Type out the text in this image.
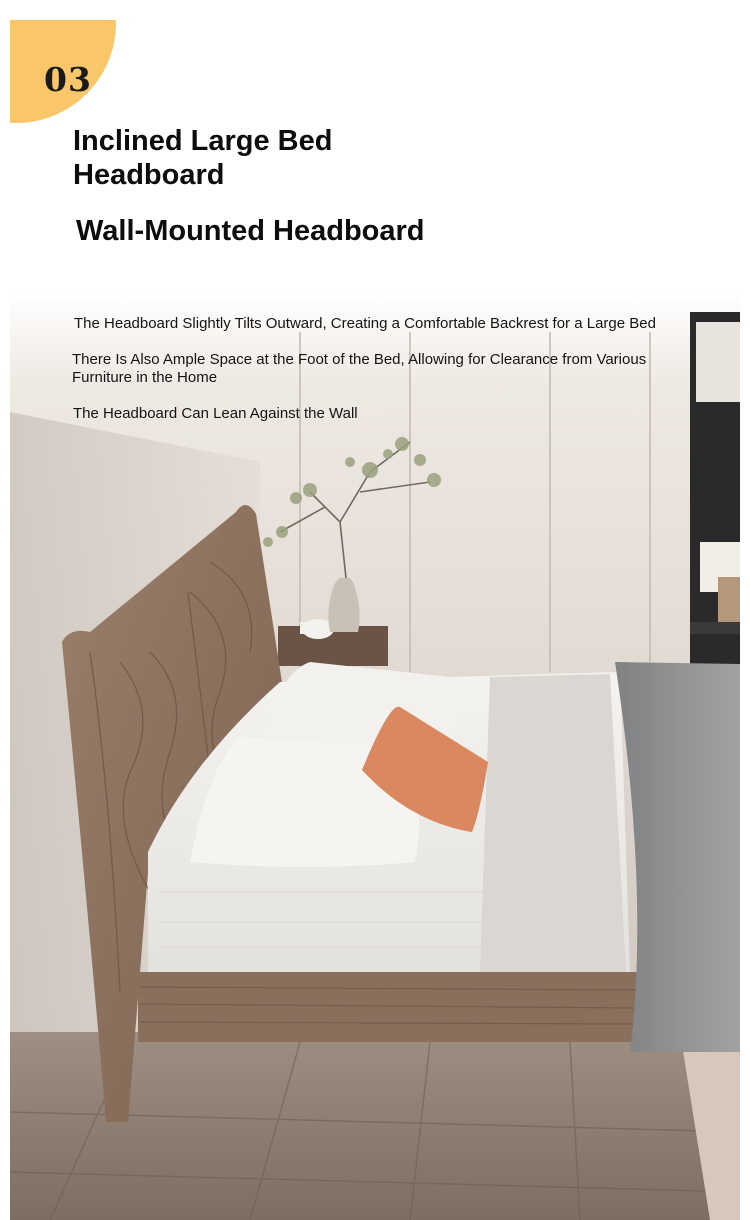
03
Inclined Large Bed Headboard
Wall-Mounted Headboard

The Headboard Slightly Tilts Outward, Creating a Comfortable Backrest for a Large Bed

There Is Also Ample Space at the Foot of the Bed, Allowing for Clearance from Various Furniture in the Home

The Headboard Can Lean Against the Wall
